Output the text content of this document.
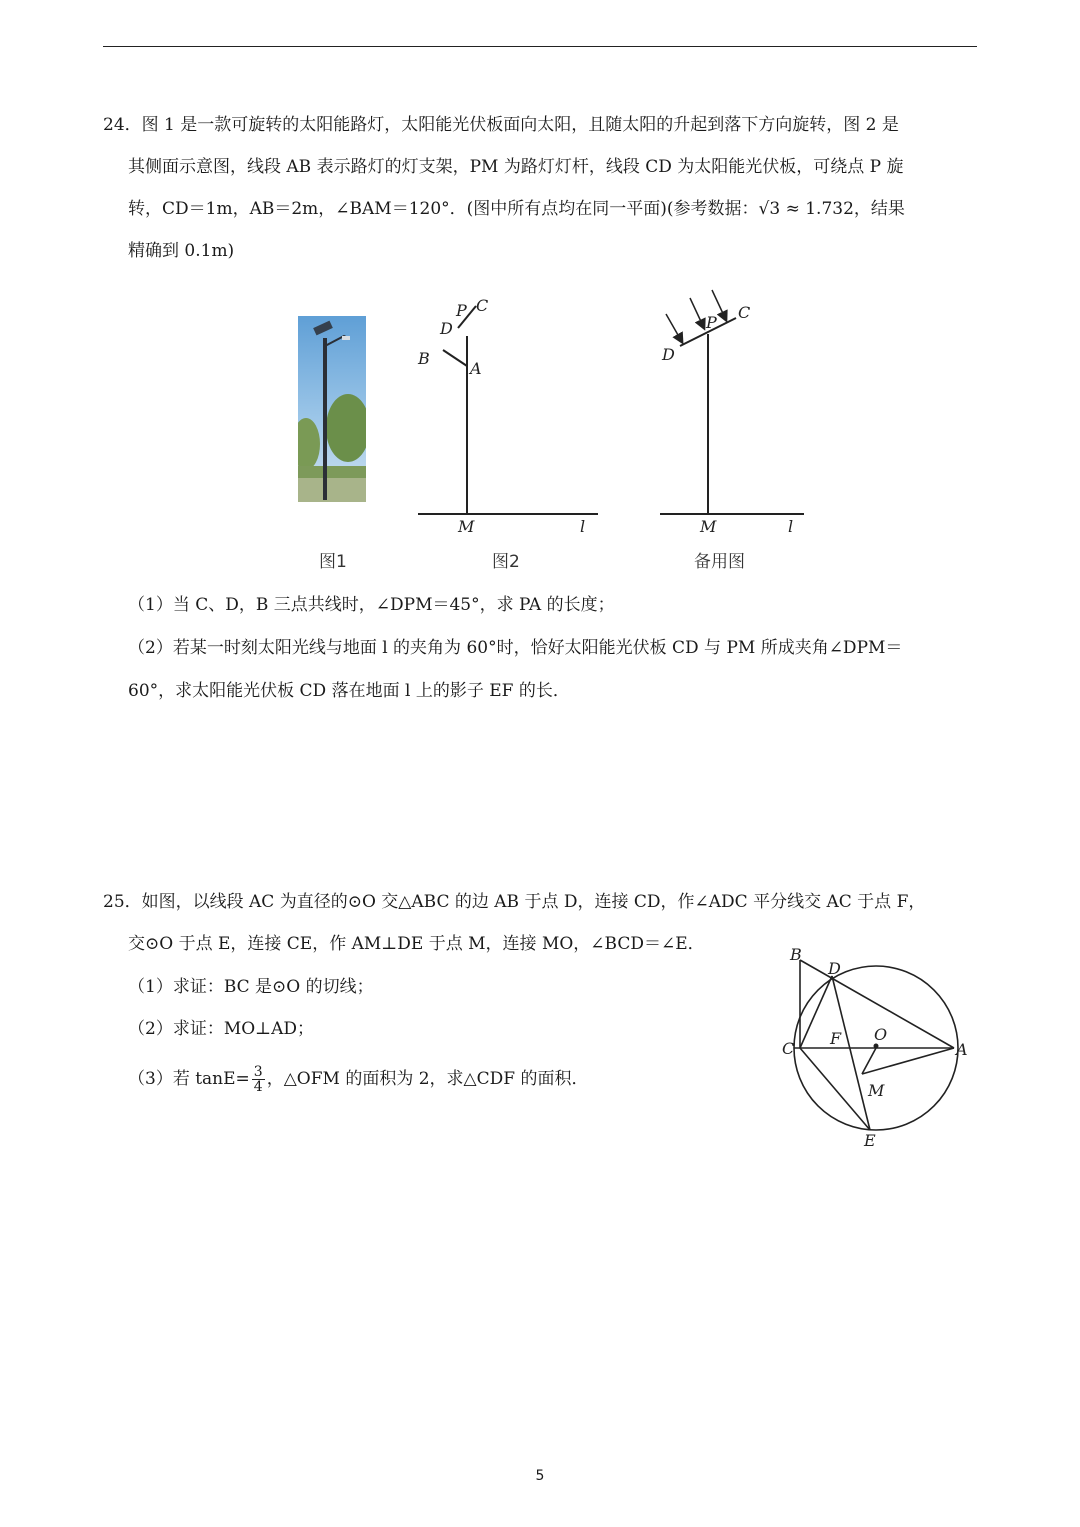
24．图 1 是一款可旋转的太阳能路灯，太阳能光伏板面向太阳，且随太阳的升起到落下方向旋转，图 2 是
其侧面示意图，线段 AB 表示路灯的灯支架，PM 为路灯灯杆，线段 CD 为太阳能光伏板，可绕点 P 旋
转，CD＝1m，AB＝2m，∠BAM＝120°．(图中所有点均在同一平面)(参考数据：√3 ≈ 1.732，结果
精确到 0.1m)
图1
P C
D
B
A
M	l
图2
P
C
D
M	l
备用图
（1）当 C、D，B 三点共线时，∠DPM＝45°，求 PA 的长度；
（2）若某一时刻太阳光线与地面 l 的夹角为 60°时，恰好太阳能光伏板 CD 与 PM 所成夹角∠DPM＝
60°，求太阳能光伏板 CD 落在地面 l 上的影子 EF 的长．
25．如图，以线段 AC 为直径的⊙O 交△ABC 的边 AB 于点 D，连接 CD，作∠ADC 平分线交 AC 于点 F，
交⊙O 于点 E，连接 CE，作 AM⊥DE 于点 M，连接 MO，∠BCD＝∠E．
（1）求证：BC 是⊙O 的切线；
（2）求证：MO⊥AD；
（3）若 $\tan E= \frac{3}{4}$ ，△OFM 的面积为 2，求△CDF 的面积．
B
D
C
F O
A
M
E
5
